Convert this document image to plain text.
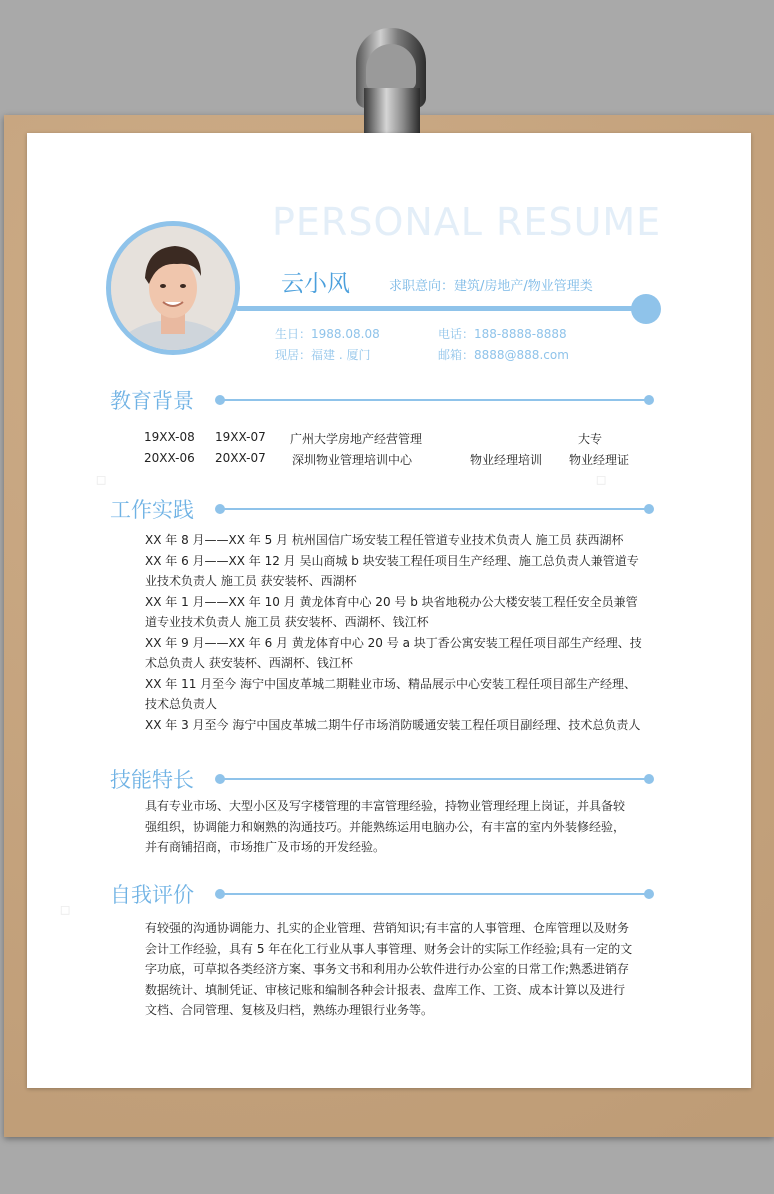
◇	◇
◇
PERSONAL RESUME
云小风	求职意向：建筑/房地产/物业管理类
生日：1988.08.08
现居：福建 . 厦门
电话：188-8888-8888
邮箱：8888@888.com
教育背景
19XX-08 19XX-07 广州大学房地产经营管理	大专
20XX-06 20XX-07 深圳物业管理培训中心	物业经理培训 物业经理证
工作实践
XX 年 8 月——XX 年 5 月 杭州国信广场安装工程任管道专业技术负责人 施工员 获西湖杯
XX 年 6 月——XX 年 12 月 吴山商城 b 块安装工程任项目生产经理、施工总负责人兼管道专
业技术负责人 施工员 获安装杯、西湖杯
XX 年 1 月——XX 年 10 月 黄龙体育中心 20 号 b 块省地税办公大楼安装工程任安全员兼管
道专业技术负责人 施工员 获安装杯、西湖杯、钱江杯
XX 年 9 月——XX 年 6 月 黄龙体育中心 20 号 a 块丁香公寓安装工程任项目部生产经理、技
术总负责人 获安装杯、西湖杯、钱江杯
XX 年 11 月至今 海宁中国皮革城二期鞋业市场、精品展示中心安装工程任项目部生产经理、
技术总负责人
XX 年 3 月至今 海宁中国皮革城二期牛仔市场消防暖通安装工程任项目副经理、技术总负责人
技能特长
具有专业市场、大型小区及写字楼管理的丰富管理经验，持物业管理经理上岗证，并具备较
强组织，协调能力和娴熟的沟通技巧。并能熟练运用电脑办公，有丰富的室内外装修经验，
并有商铺招商，市场推广及市场的开发经验。
自我评价
有较强的沟通协调能力、扎实的企业管理、营销知识;有丰富的人事管理、仓库管理以及财务
会计工作经验，具有 5 年在化工行业从事人事管理、财务会计的实际工作经验;具有一定的文
字功底，可草拟各类经济方案、事务文书和利用办公软件进行办公室的日常工作;熟悉进销存
数据统计、填制凭证、审核记账和编制各种会计报表、盘库工作、工资、成本计算以及进行
文档、合同管理、复核及归档，熟练办理银行业务等。
